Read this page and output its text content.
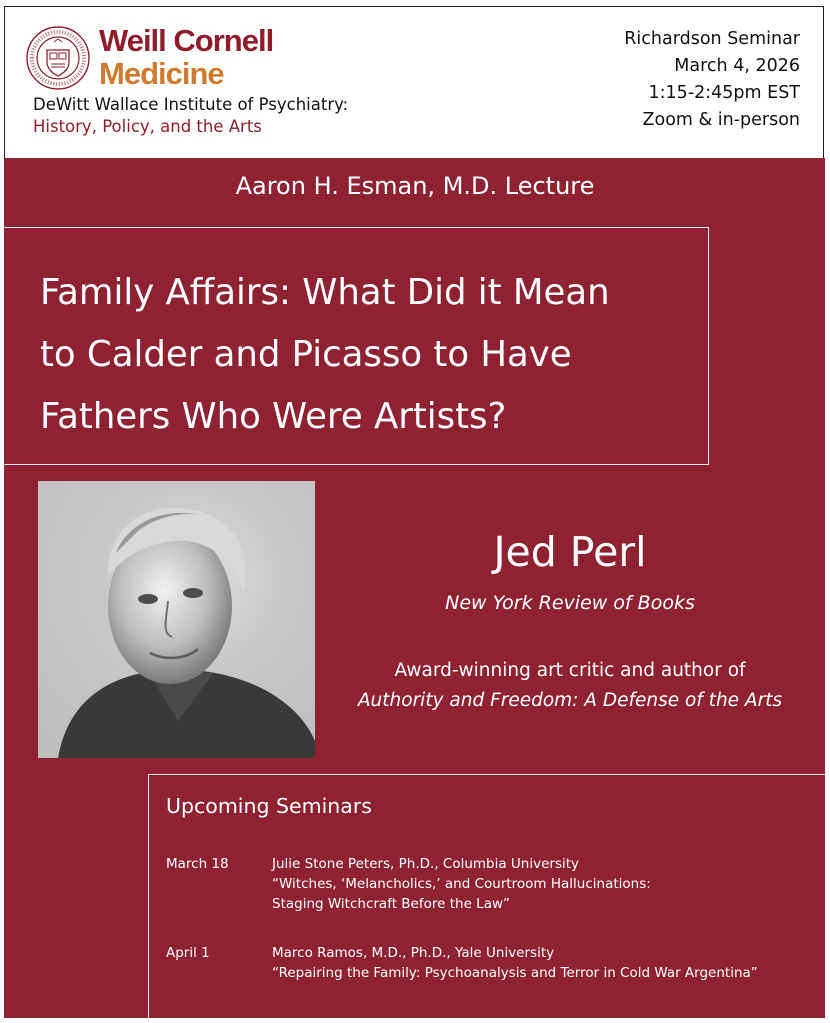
Weill Cornell
Medicine
DeWitt Wallace Institute of Psychiatry:
History, Policy, and the Arts
Richardson Seminar
March 4, 2026
1:15-2:45pm EST
Zoom & in-person
Aaron H. Esman, M.D. Lecture
Family Affairs: What Did it Mean
to Calder and Picasso to Have
Fathers Who Were Artists?
Jed Perl
New York Review of Books
Award-winning art critic and author of
Authority and Freedom: A Defense of the Arts
Upcoming Seminars
March 18	Julie Stone Peters, Ph.D., Columbia University
“Witches, ‘Melancholics,’ and Courtroom Hallucinations:
Staging Witchcraft Before the Law”
April 1	Marco Ramos, M.D., Ph.D., Yale University
“Repairing the Family: Psychoanalysis and Terror in Cold War Argentina”
